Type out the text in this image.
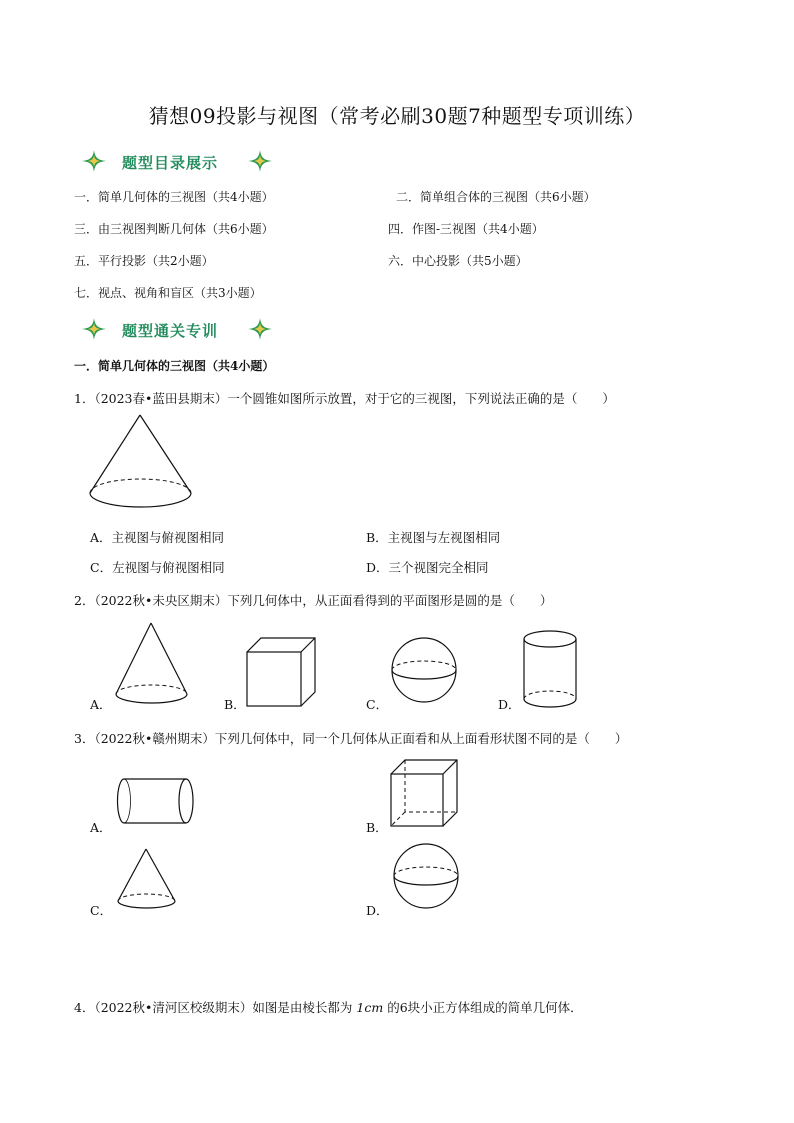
猜想09投影与视图（常考必刷30题7种题型专项训练）
题型目录展示
一．简单几何体的三视图（共4小题）	二．简单组合体的三视图（共6小题）
三．由三视图判断几何体（共6小题）	四．作图-三视图（共4小题）
五．平行投影（共2小题）	六．中心投影（共5小题）
七．视点、视角和盲区（共3小题）
题型通关专训
一．简单几何体的三视图（共4小题）
1．（2023春•蓝田县期末）一个圆锥如图所示放置，对于它的三视图，下列说法正确的是（　　）
A．主视图与俯视图相同	B．主视图与左视图相同
C．左视图与俯视图相同	D．三个视图完全相同
2．（2022秋•未央区期末）下列几何体中，从正面看得到的平面图形是圆的是（　　）
A．	B．	C．	D．
3．（2022秋•赣州期末）下列几何体中，同一个几何体从正面看和从上面看形状图不同的是（　　）
A．	B．
C．	D．
4．（2022秋•清河区校级期末）如图是由棱长都为 1cm 的6块小正方体组成的简单几何体．
